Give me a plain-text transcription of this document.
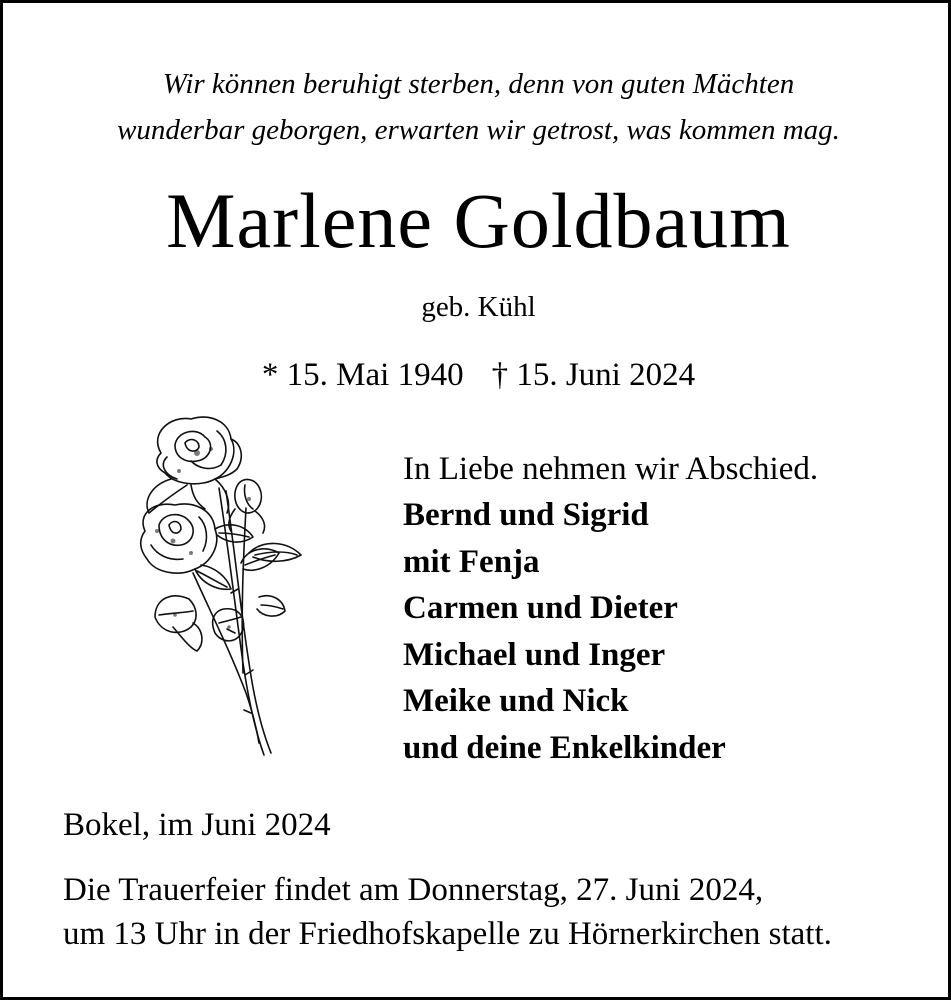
Wir können beruhigt sterben, denn von guten Mächten
wunderbar geborgen, erwarten wir getrost, was kommen mag.
Marlene Goldbaum
geb. Kühl
* 15. Mai 1940 † 15. Juni 2024
In Liebe nehmen wir Abschied.
Bernd und Sigrid
mit Fenja
Carmen und Dieter
Michael und Inger
Meike und Nick
und deine Enkelkinder
Bokel, im Juni 2024
Die Trauerfeier findet am Donnerstag, 27. Juni 2024,
um 13 Uhr in der Friedhofskapelle zu Hörnerkirchen statt.
